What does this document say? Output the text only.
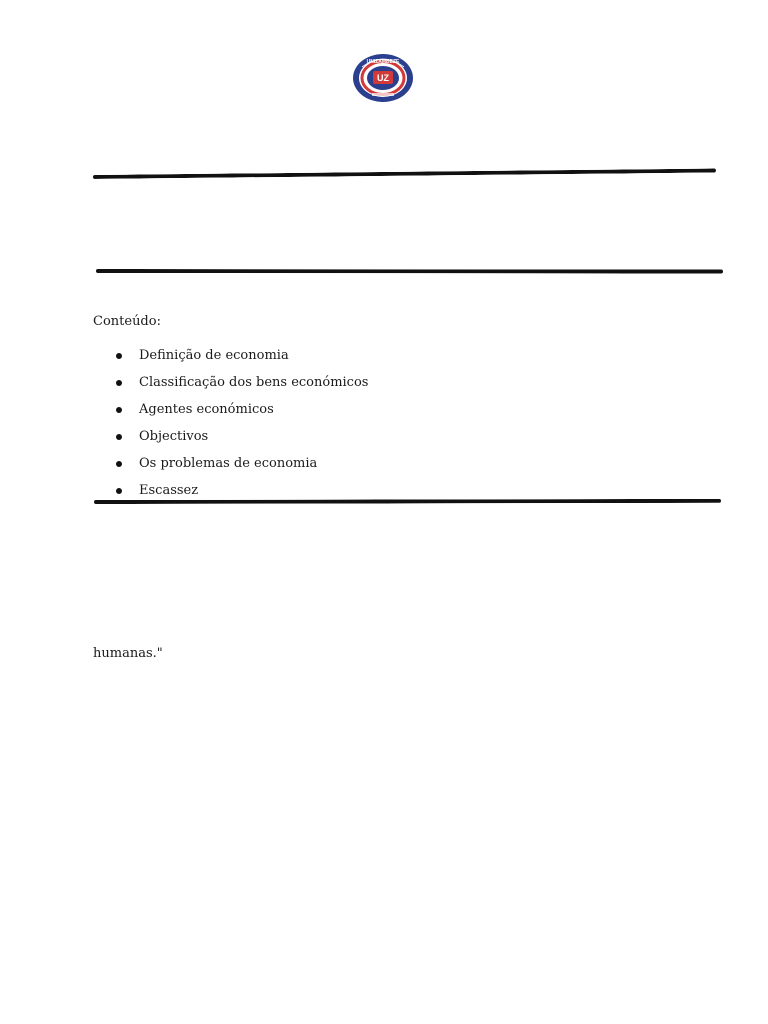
UZ
UNIZAMBEZE
Conteúdo:
Definição de economia
Classificação dos bens económicos
Agentes económicos
Objectivos
Os problemas de economia
Escassez
humanas."
